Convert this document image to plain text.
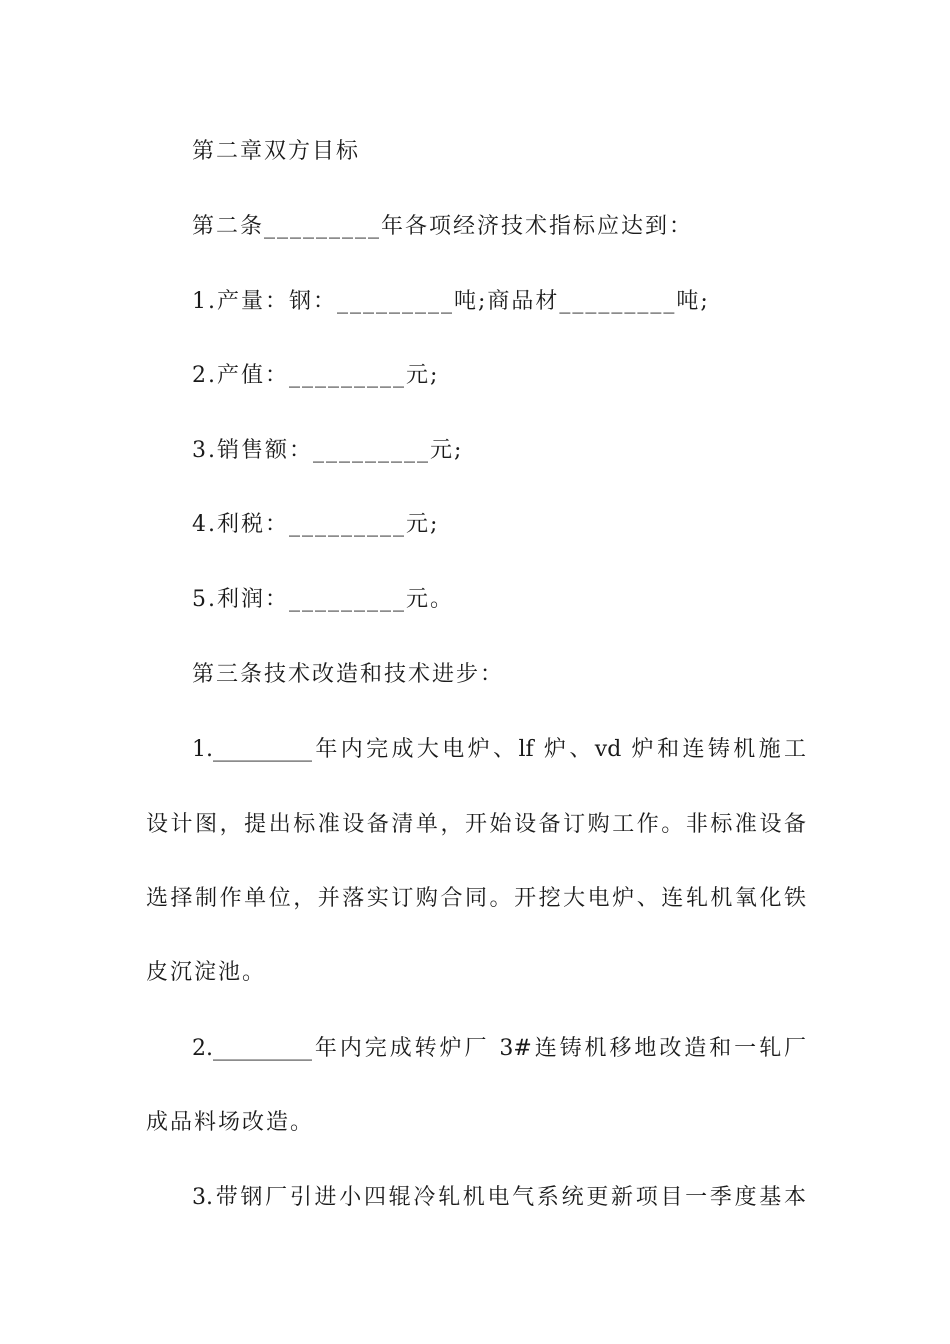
第二章双方目标
第二条_________年各项经济技术指标应达到：
1.产量：钢：_________吨;商品材_________吨;
2.产值：_________元;
3.销售额：_________元;
4.利税：_________元;
5.利润：_________元。
第三条技术改造和技术进步：
1._________年内完成大电炉、lf 炉、vd 炉和连铸机施工
设计图，提出标准设备清单，开始设备订购工作。非标准设备
选择制作单位，并落实订购合同。开挖大电炉、连轧机氧化铁
皮沉淀池。
2._________年内完成转炉厂 3#连铸机移地改造和一轧厂
成品料场改造。
3.带钢厂引进小四辊冷轧机电气系统更新项目一季度基本
